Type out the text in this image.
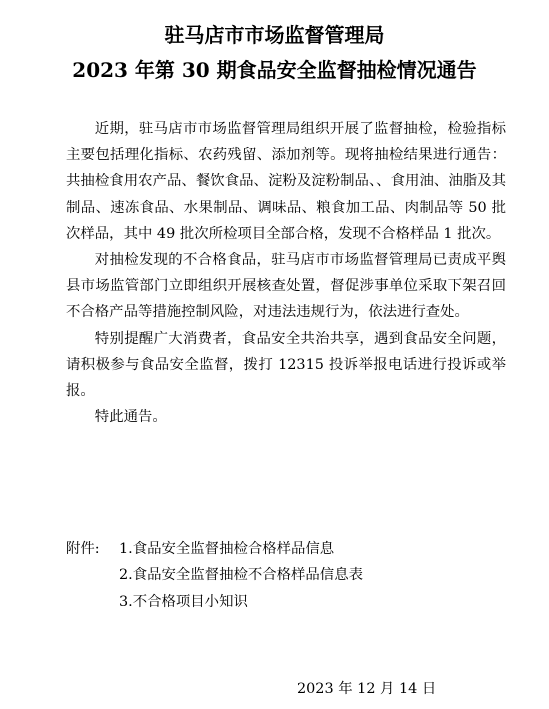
驻马店市市场监督管理局
2023 年第 30 期食品安全监督抽检情况通告

近期，驻马店市市场监督管理局组织开展了监督抽检，检验指标主要包括理化指标、农药残留、添加剂等。现将抽检结果进行通告：共抽检食用农产品、餐饮食品、淀粉及淀粉制品、、食用油、油脂及其制品、速冻食品、水果制品、调味品、粮食加工品、肉制品等 50 批次样品，其中 49 批次所检项目全部合格，发现不合格样品 1 批次。

对抽检发现的不合格食品，驻马店市市场监督管理局已责成平舆县市场监管部门立即组织开展核查处置，督促涉事单位采取下架召回不合格产品等措施控制风险，对违法违规行为，依法进行查处。

特别提醒广大消费者，食品安全共治共享，遇到食品安全问题，请积极参与食品安全监督，拨打 12315 投诉举报电话进行投诉或举报。

特此通告。

附件: 1.食品安全监督抽检合格样品信息
2.食品安全监督抽检不合格样品信息表
3.不合格项目小知识
2023 年 12 月 14 日
